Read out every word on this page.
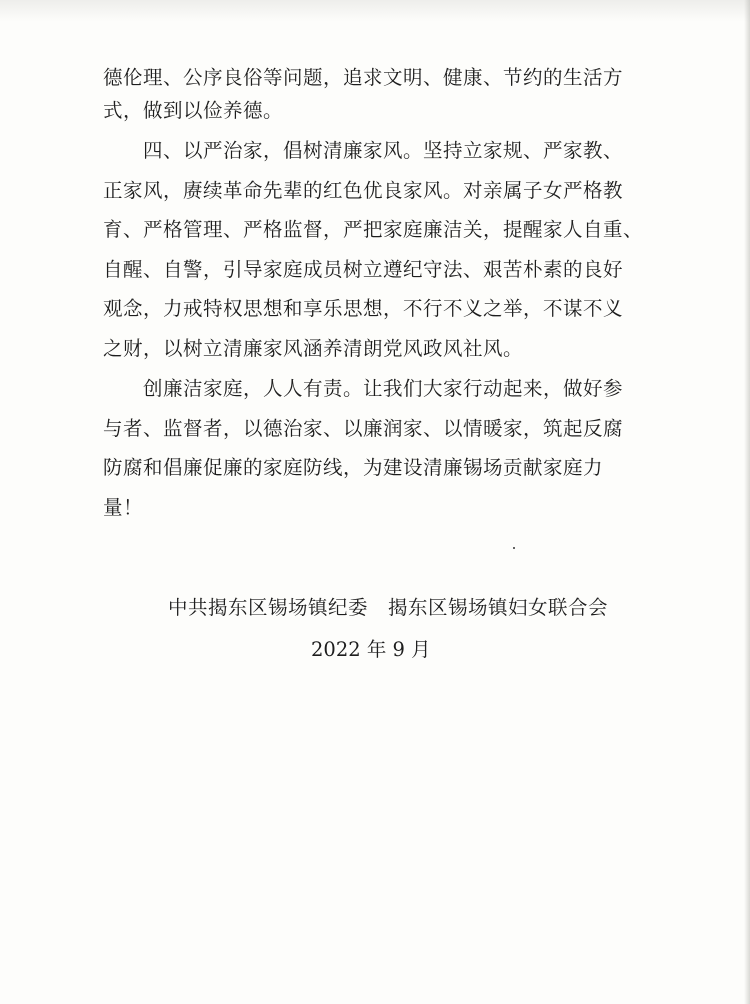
德伦理、公序良俗等问题，追求文明、健康、节约的生活方
式，做到以俭养德。
　　四、以严治家，倡树清廉家风。坚持立家规、严家教、
正家风，赓续革命先辈的红色优良家风。对亲属子女严格教
育、严格管理、严格监督，严把家庭廉洁关，提醒家人自重、
自醒、自警，引导家庭成员树立遵纪守法、艰苦朴素的良好
观念，力戒特权思想和享乐思想，不行不义之举，不谋不义
之财，以树立清廉家风涵养清朗党风政风社风。
　　创廉洁家庭，人人有责。让我们大家行动起来，做好参
与者、监督者，以德治家、以廉润家、以情暖家，筑起反腐
防腐和倡廉促廉的家庭防线，为建设清廉锡场贡献家庭力
量！
中共揭东区锡场镇纪委　揭东区锡场镇妇女联合会
2022 年 9 月
